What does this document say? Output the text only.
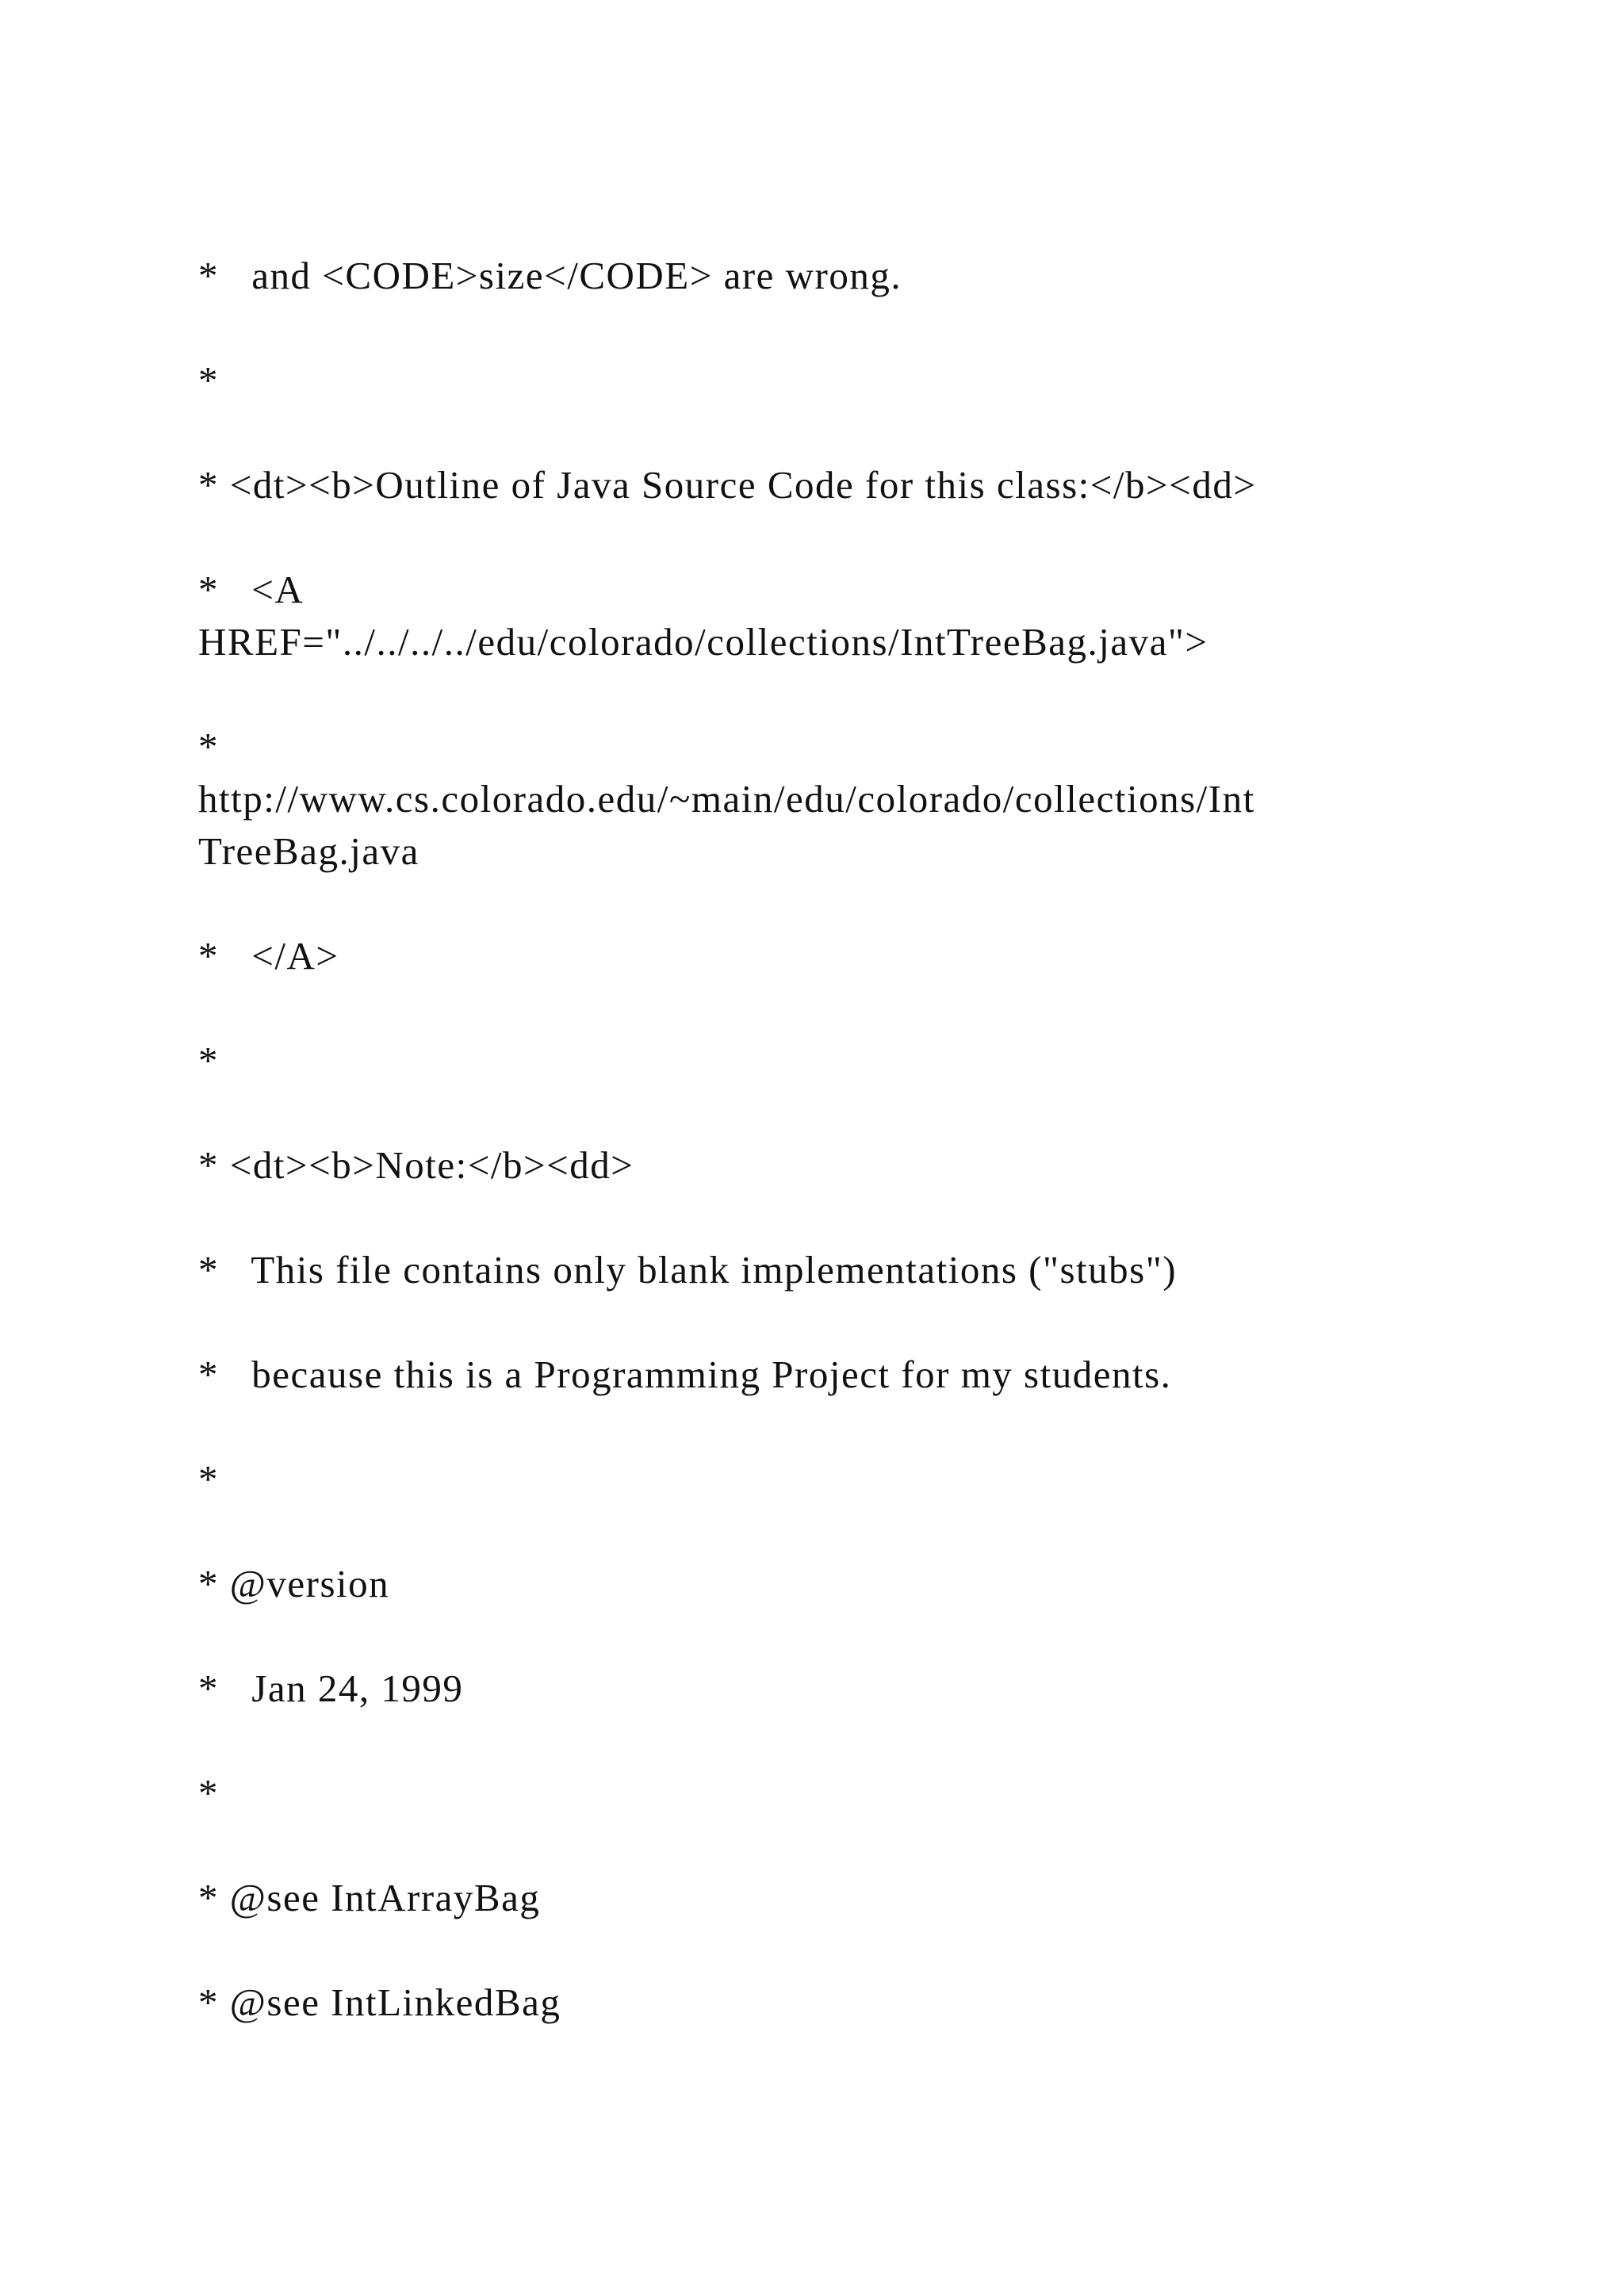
*   and <CODE>size</CODE> are wrong.

*

* <dt><b>Outline of Java Source Code for this class:</b><dd>

*   <A

HREF="../../../../edu/colorado/collections/IntTreeBag.java">

*

http://www.cs.colorado.edu/~main/edu/colorado/collections/Int

TreeBag.java

*   </A>

*

* <dt><b>Note:</b><dd>

*   This file contains only blank implementations ("stubs")

*   because this is a Programming Project for my students.

*

* @version

*   Jan 24, 1999

*

* @see IntArrayBag

* @see IntLinkedBag
